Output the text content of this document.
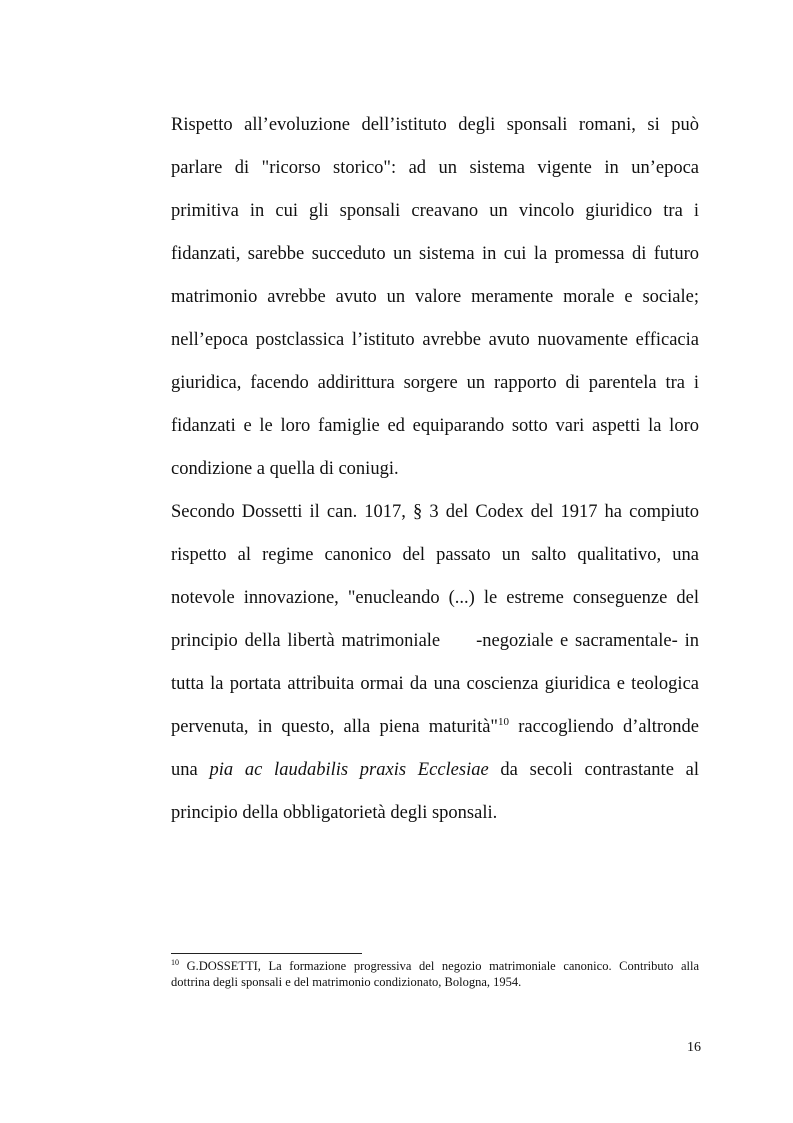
Rispetto all’evoluzione dell’istituto degli sponsali romani, si può
parlare di "ricorso storico": ad un sistema vigente in un’epoca
primitiva in cui gli sponsali creavano un vincolo giuridico tra i
fidanzati, sarebbe succeduto un sistema in cui la promessa di futuro
matrimonio avrebbe avuto un valore meramente morale e sociale;
nell’epoca postclassica l’istituto avrebbe avuto nuovamente efficacia
giuridica, facendo addirittura sorgere un rapporto di parentela tra i
fidanzati e le loro famiglie ed equiparando sotto vari aspetti la loro
condizione a quella di coniugi.
Secondo Dossetti il can. 1017, § 3 del Codex del 1917 ha compiuto
rispetto al regime canonico del passato un salto qualitativo, una
notevole innovazione, "enucleando (...) le estreme conseguenze del
principio della libertà matrimoniale -negoziale e sacramentale- in
tutta la portata attribuita ormai da una coscienza giuridica e teologica
pervenuta, in questo, alla piena maturità"$^{10}$ raccogliendo d’altronde
una pia ac laudabilis praxis Ecclesiae da secoli contrastante al
principio della obbligatorietà degli sponsali.
$^{10}$ G.DOSSETTI, La formazione progressiva del negozio matrimoniale canonico. Contributo alla
dottrina degli sponsali e del matrimonio condizionato, Bologna, 1954.
16
